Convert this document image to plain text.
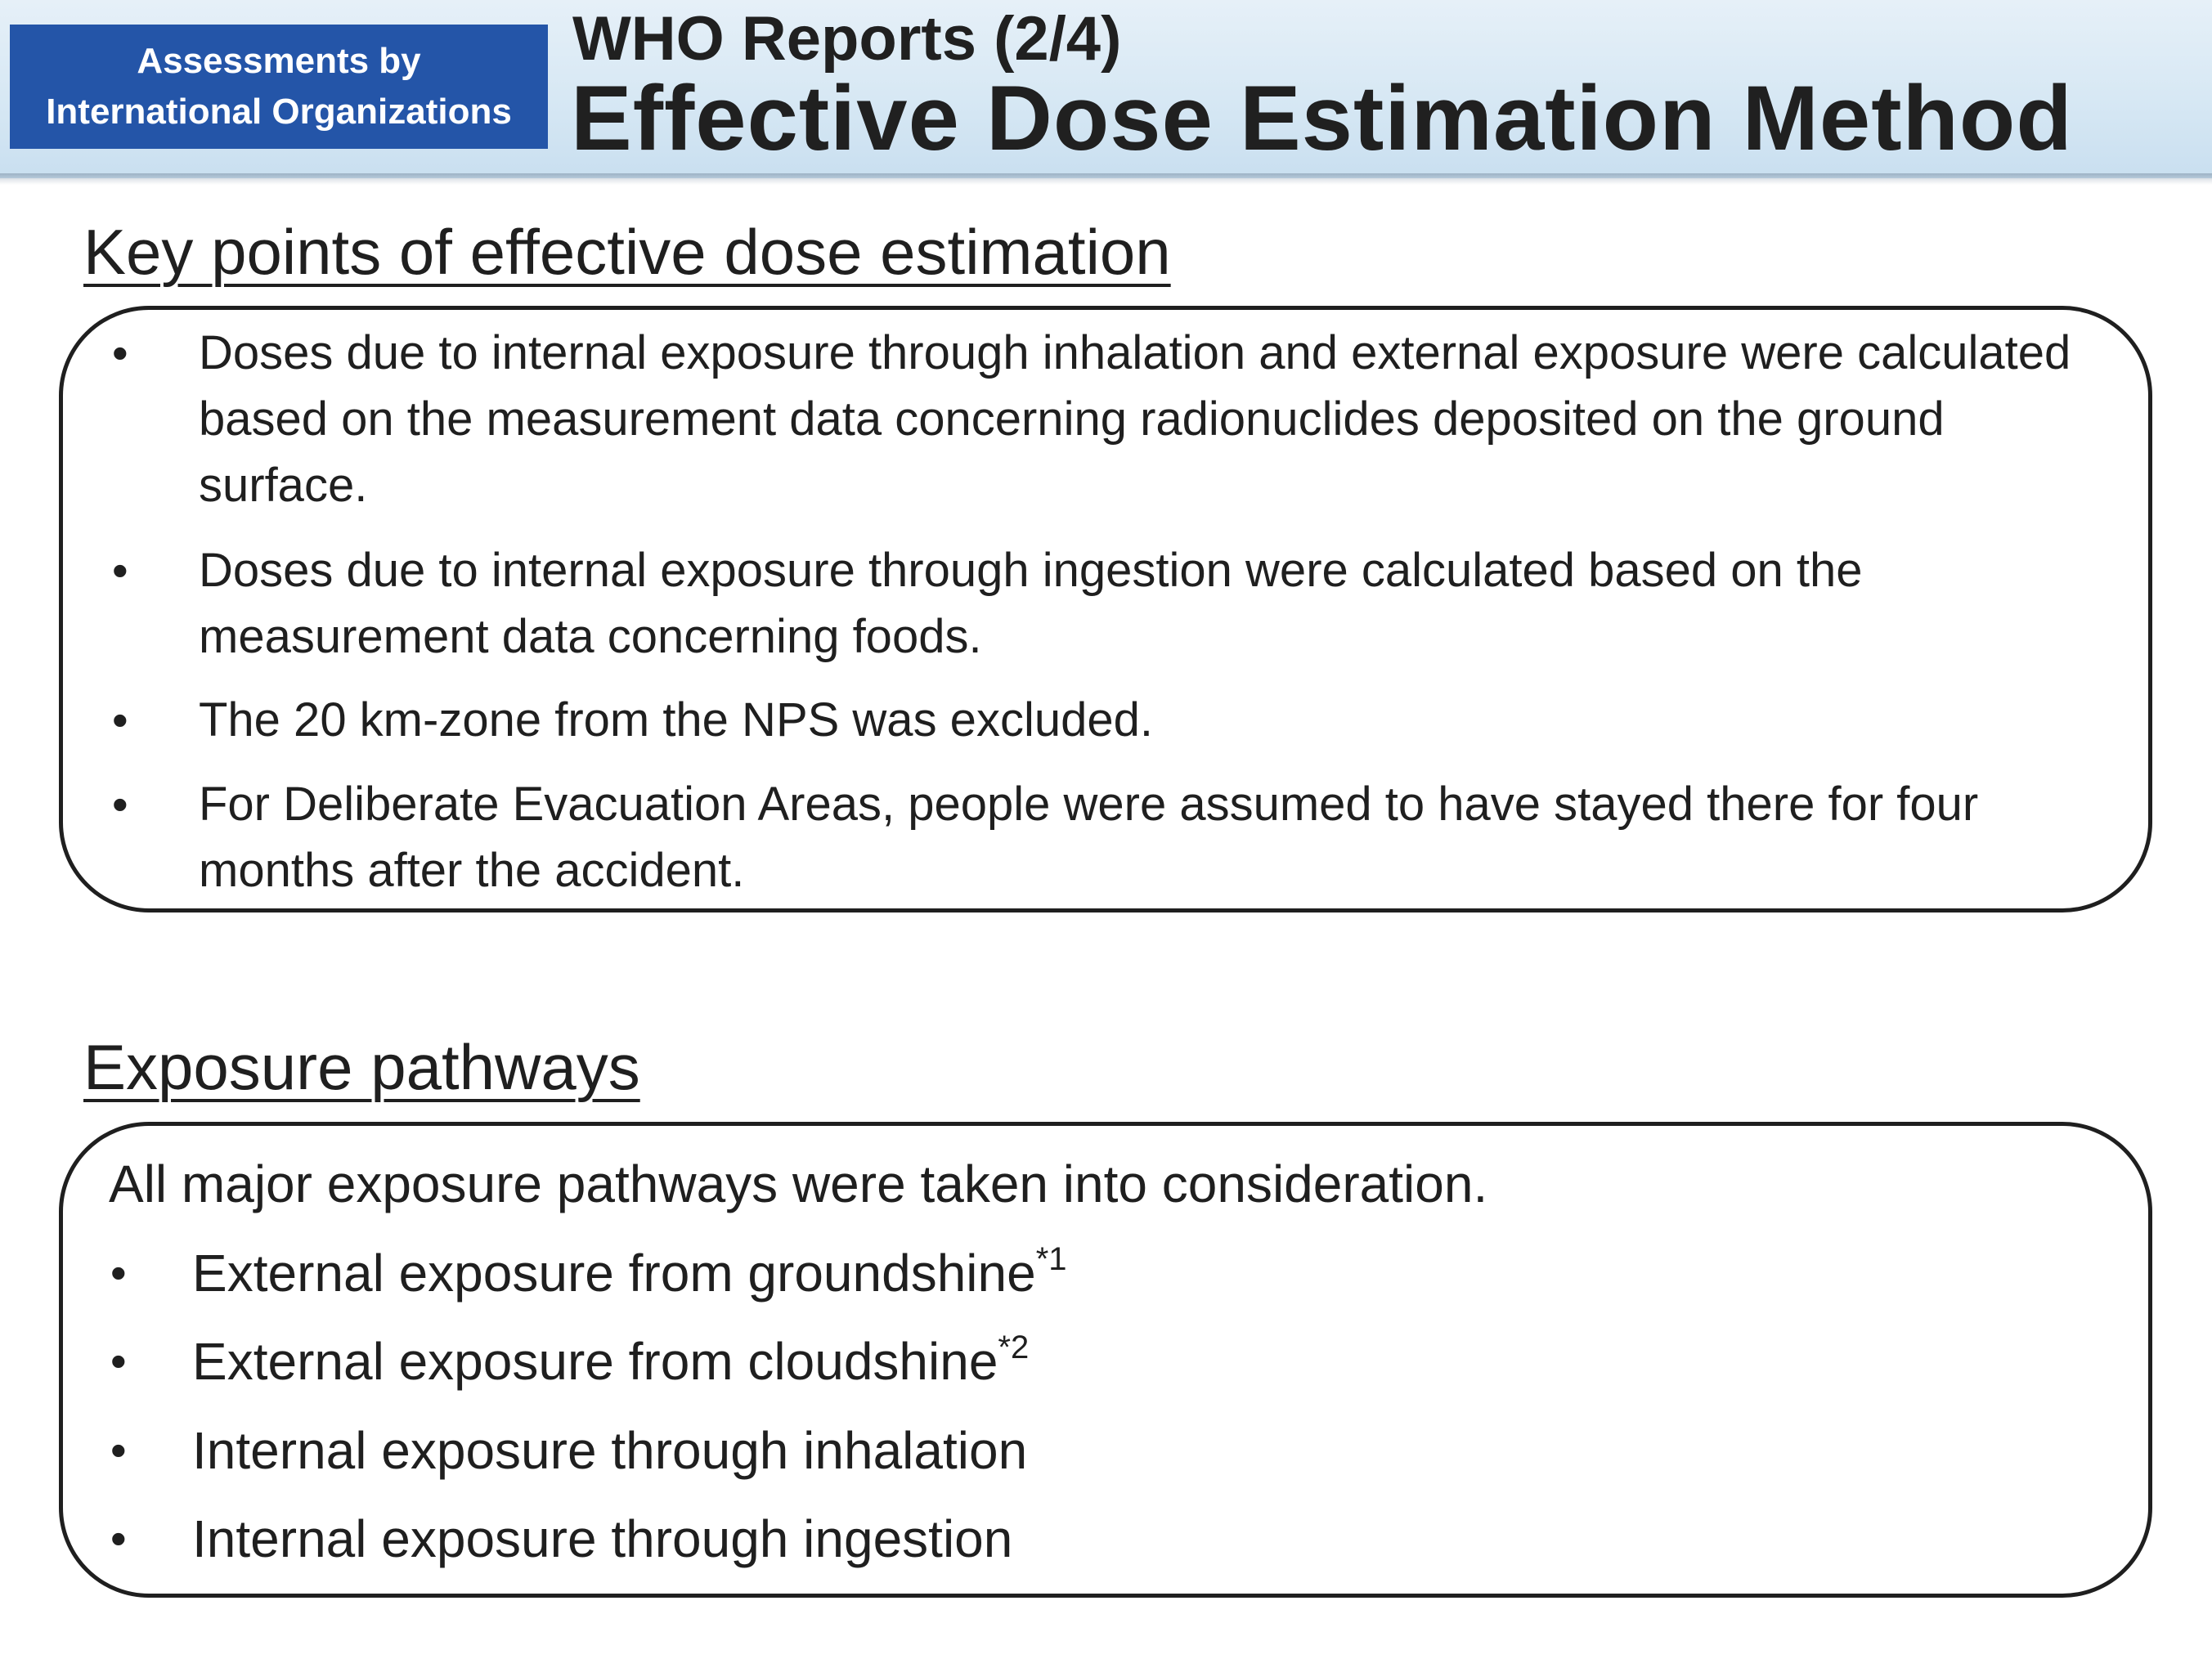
Assessments by
International Organizations
WHO Reports (2/4)
Effective Dose Estimation Method
Key points of effective dose estimation
• Doses due to internal exposure through inhalation and external exposure were calculated based on the measurement data concerning radionuclides deposited on the ground surface.
• Doses due to internal exposure through ingestion were calculated based on the measurement data concerning foods.
• The 20 km-zone from the NPS was excluded.
• For Deliberate Evacuation Areas, people were assumed to have stayed there for four months after the accident.
Exposure pathways
All major exposure pathways were taken into consideration.
• External exposure from groundshine$^{*1}$
• External exposure from cloudshine$^{*2}$
• Internal exposure through inhalation
• Internal exposure through ingestion
